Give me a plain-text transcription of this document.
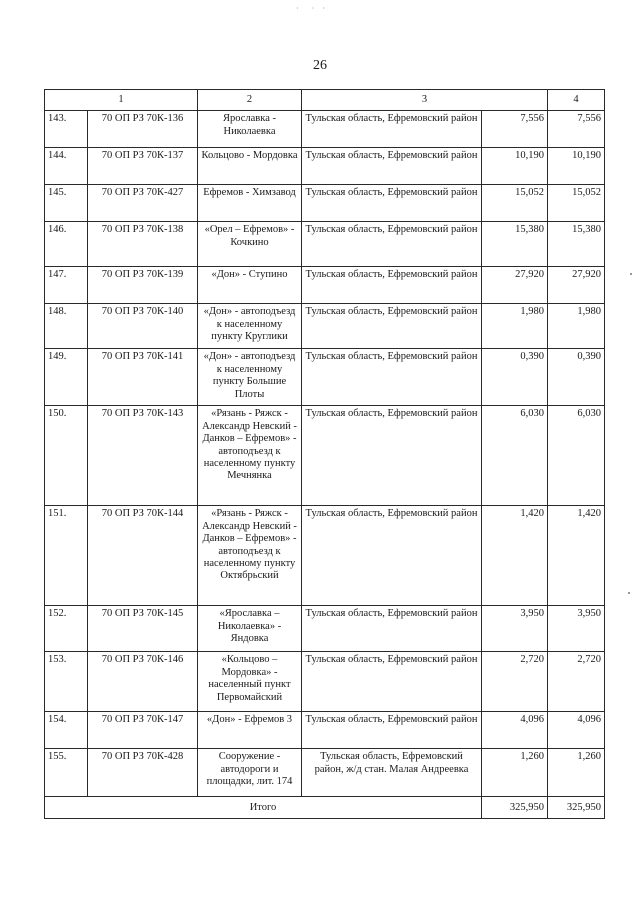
·  · ·
26
1		2	3		4
143.	70 ОП РЗ 70К-136	Ярославка - Николаевка	Тульская область, Ефремовский район	7,556	7,556
144.	70 ОП РЗ 70К-137	Кольцово - Мордовка	Тульская область, Ефремовский район	10,190	10,190
145.	70 ОП РЗ 70К-427	Ефремов - Химзавод	Тульская область, Ефремовский район	15,052	15,052
146.	70 ОП РЗ 70К-138	«Орел – Ефремов» - Кочкино	Тульская область, Ефремовский район	15,380	15,380
147.	70 ОП РЗ 70К-139	«Дон» - Ступино	Тульская область, Ефремовский район	27,920	27,920
148.	70 ОП РЗ 70К-140	«Дон» - автоподъезд к населенному пункту Круглики	Тульская область, Ефремовский район	1,980	1,980
149.	70 ОП РЗ 70К-141	«Дон» - автоподъезд к населенному пункту Большие Плоты	Тульская область, Ефремовский район	0,390	0,390
150.	70 ОП РЗ 70К-143	«Рязань - Ряжск - Александр Невский - Данков – Ефремов» - автоподъезд к населенному пункту Мечнянка	Тульская область, Ефремовский район	6,030	6,030
151.	70 ОП РЗ 70К-144	«Рязань - Ряжск - Александр Невский - Данков – Ефремов» - автоподъезд к населенному пункту Октябрьский	Тульская область, Ефремовский район	1,420	1,420
152.	70 ОП РЗ 70К-145	«Ярославка – Николаевка» - Яндовка	Тульская область, Ефремовский район	3,950	3,950
153.	70 ОП РЗ 70К-146	«Кольцово – Мордовка» - населенный пункт Первомайский	Тульская область, Ефремовский район	2,720	2,720
154.	70 ОП РЗ 70К-147	«Дон» - Ефремов 3	Тульская область, Ефремовский район	4,096	4,096
155.	70 ОП РЗ 70К-428	Сооружение - автодороги и площадки, лит. 174	Тульская область, Ефремовский район, ж/д стан. Малая Андреевка	1,260	1,260
Итого				325,950	325,950
